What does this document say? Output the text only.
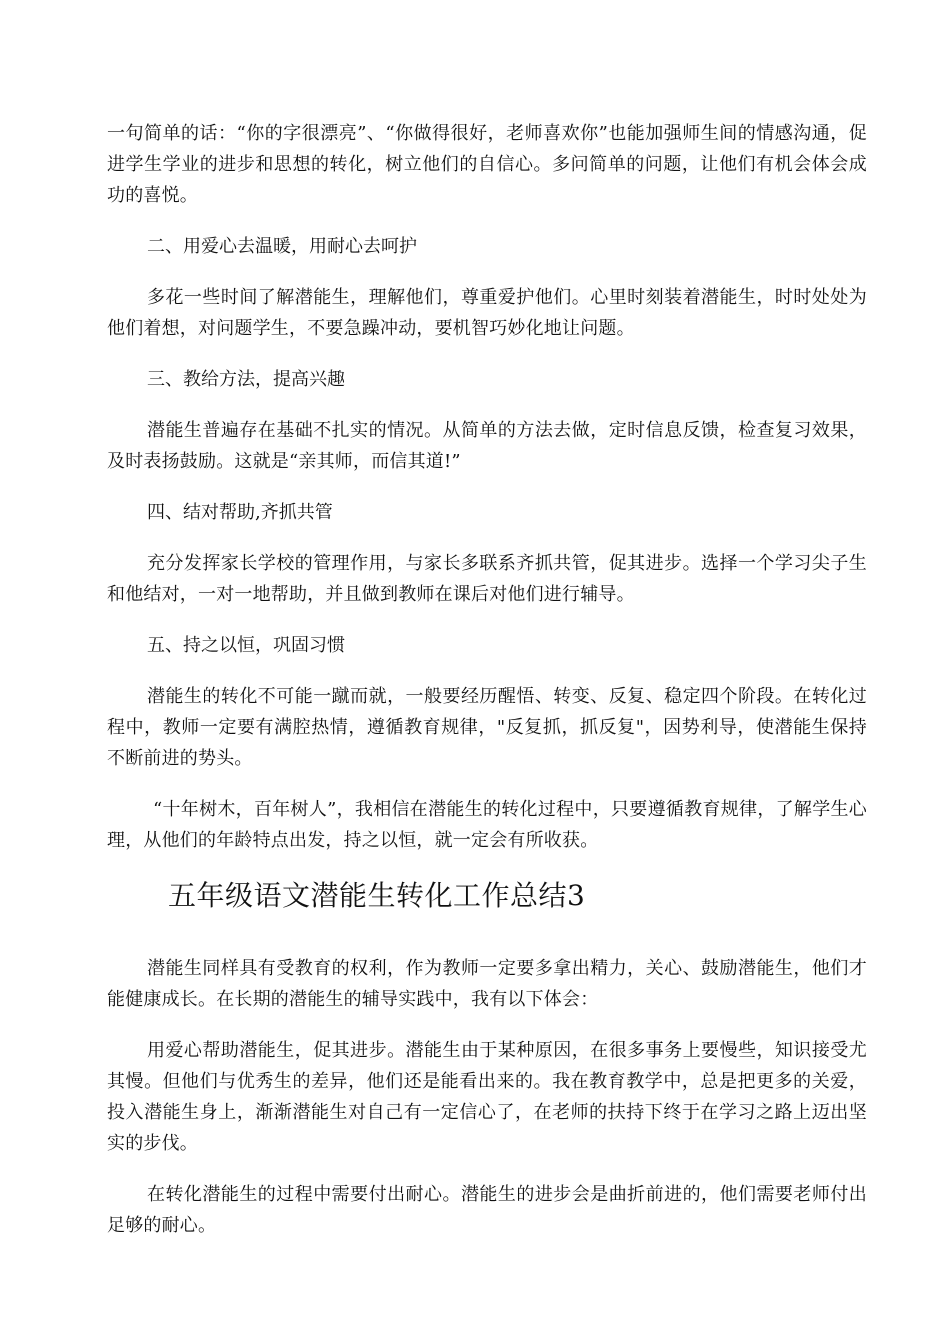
一句简单的话：“你的字很漂亮”、“你做得很好，老师喜欢你”也能加强师生间的情感沟通，促进学生学业的进步和思想的转化，树立他们的自信心。多问简单的问题，让他们有机会体会成功的喜悦。

二、用爱心去温暖，用耐心去呵护

多花一些时间了解潜能生，理解他们，尊重爱护他们。心里时刻装着潜能生，时时处处为他们着想，对问题学生，不要急躁冲动，要机智巧妙化地让问题。

三、教给方法，提高兴趣

潜能生普遍存在基础不扎实的情况。从简单的方法去做，定时信息反馈，检查复习效果，及时表扬鼓励。这就是“亲其师，而信其道!”

四、结对帮助,齐抓共管

充分发挥家长学校的管理作用，与家长多联系齐抓共管，促其进步。选择一个学习尖子生和他结对，一对一地帮助，并且做到教师在课后对他们进行辅导。

五、持之以恒，巩固习惯

潜能生的转化不可能一蹴而就，一般要经历醒悟、转变、反复、稳定四个阶段。在转化过程中，教师一定要有满腔热情，遵循教育规律，"反复抓，抓反复"，因势利导，使潜能生保持不断前进的势头。

“十年树木，百年树人”，我相信在潜能生的转化过程中，只要遵循教育规律，了解学生心理，从他们的年龄特点出发，持之以恒，就一定会有所收获。

五年级语文潜能生转化工作总结3

潜能生同样具有受教育的权利，作为教师一定要多拿出精力，关心、鼓励潜能生，他们才能健康成长。在长期的潜能生的辅导实践中，我有以下体会：

用爱心帮助潜能生，促其进步。潜能生由于某种原因，在很多事务上要慢些，知识接受尤其慢。但他们与优秀生的差异，他们还是能看出来的。我在教育教学中，总是把更多的关爱，投入潜能生身上，渐渐潜能生对自己有一定信心了，在老师的扶持下终于在学习之路上迈出坚实的步伐。

在转化潜能生的过程中需要付出耐心。潜能生的进步会是曲折前进的，他们需要老师付出足够的耐心。
